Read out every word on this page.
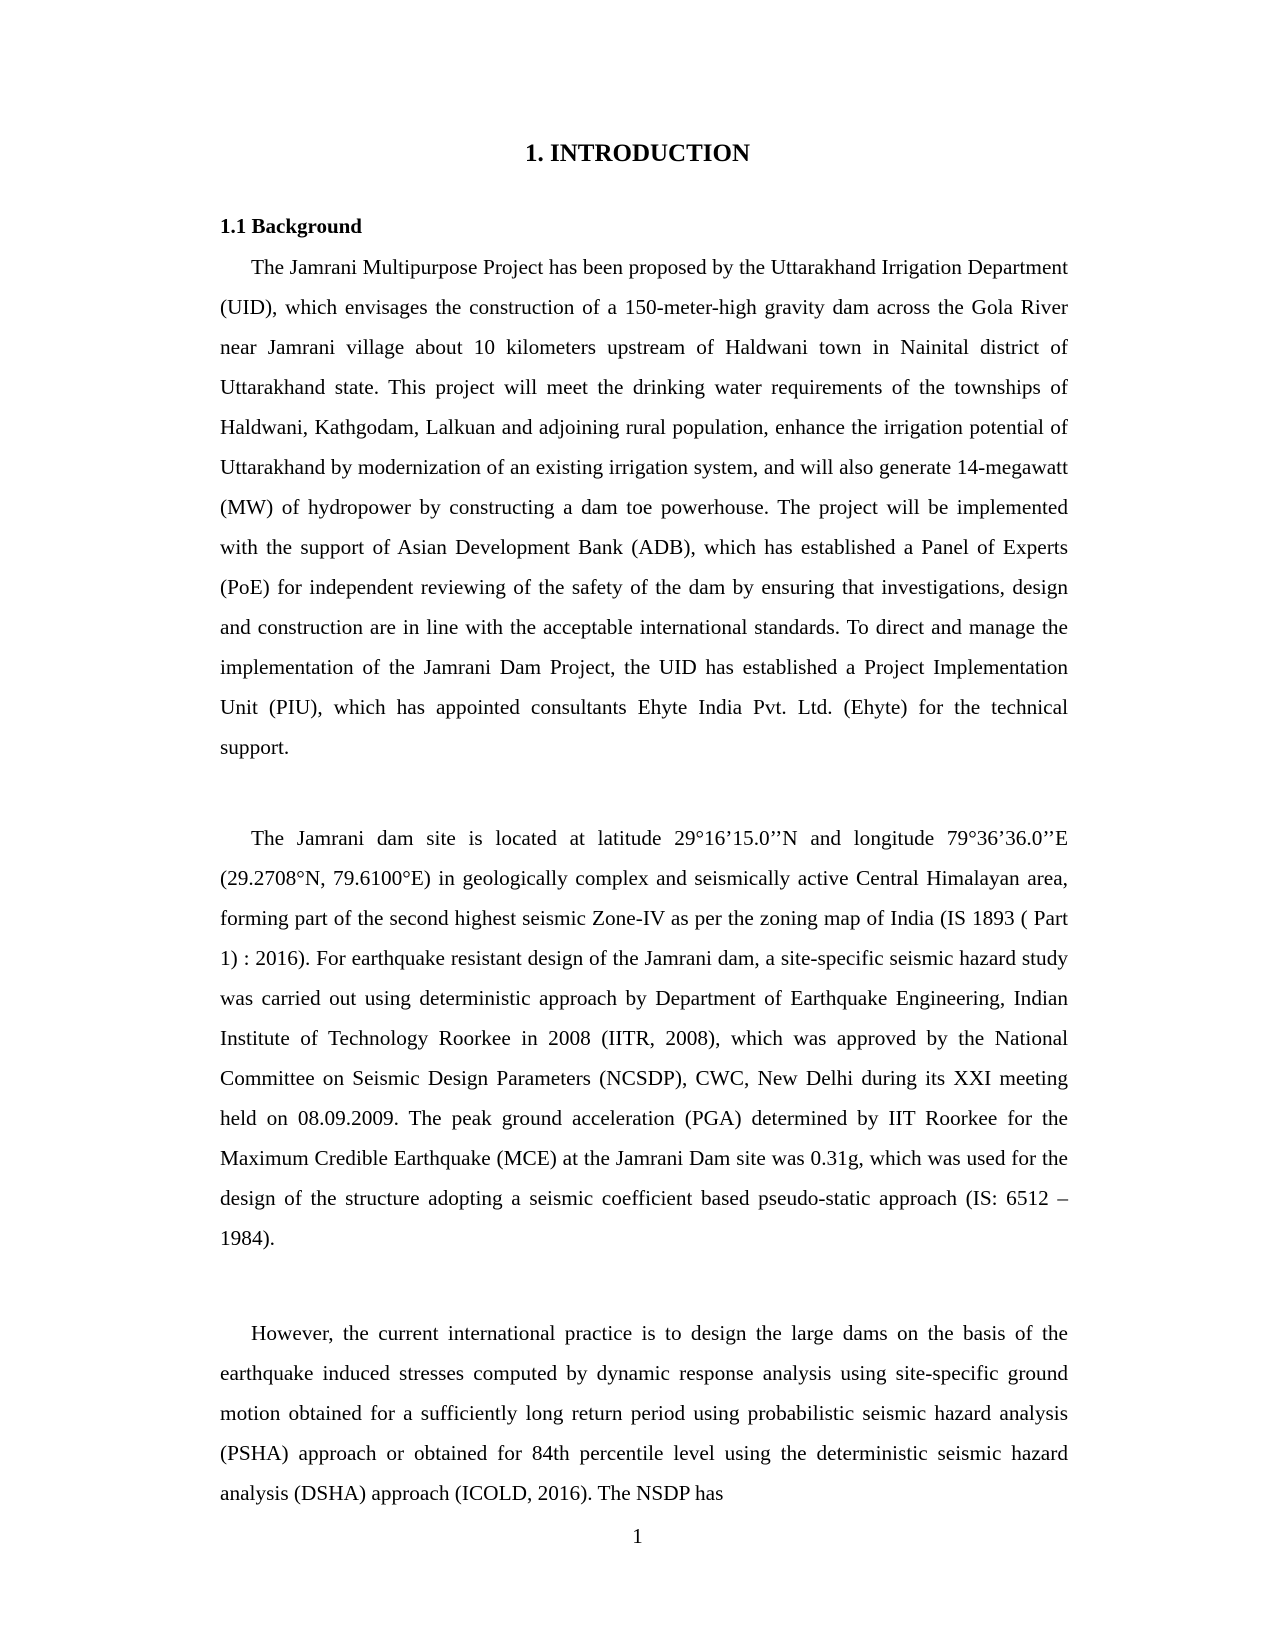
1. INTRODUCTION
1.1 Background

The Jamrani Multipurpose Project has been proposed by the Uttarakhand Irrigation Department (UID), which envisages the construction of a 150-meter-high gravity dam across the Gola River near Jamrani village about 10 kilometers upstream of Haldwani town in Nainital district of Uttarakhand state. This project will meet the drinking water requirements of the townships of Haldwani, Kathgodam, Lalkuan and adjoining rural population, enhance the irrigation potential of Uttarakhand by modernization of an existing irrigation system, and will also generate 14-megawatt (MW) of hydropower by constructing a dam toe powerhouse. The project will be implemented with the support of Asian Development Bank (ADB), which has established a Panel of Experts (PoE) for independent reviewing of the safety of the dam by ensuring that investigations, design and construction are in line with the acceptable international standards. To direct and manage the implementation of the Jamrani Dam Project, the UID has established a Project Implementation Unit (PIU), which has appointed consultants Ehyte India Pvt. Ltd. (Ehyte) for the technical support.

The Jamrani dam site is located at latitude 29°16’15.0’’N and longitude 79°36’36.0’’E (29.2708°N, 79.6100°E) in geologically complex and seismically active Central Himalayan area, forming part of the second highest seismic Zone-IV as per the zoning map of India (IS 1893 ( Part 1) : 2016). For earthquake resistant design of the Jamrani dam, a site-specific seismic hazard study was carried out using deterministic approach by Department of Earthquake Engineering, Indian Institute of Technology Roorkee in 2008 (IITR, 2008), which was approved by the National Committee on Seismic Design Parameters (NCSDP), CWC, New Delhi during its XXI meeting held on 08.09.2009. The peak ground acceleration (PGA) determined by IIT Roorkee for the Maximum Credible Earthquake (MCE) at the Jamrani Dam site was 0.31g, which was used for the design of the structure adopting a seismic coefficient based pseudo-static approach (IS: 6512 – 1984).

However, the current international practice is to design the large dams on the basis of the earthquake induced stresses computed by dynamic response analysis using site-specific ground motion obtained for a sufficiently long return period using probabilistic seismic hazard analysis (PSHA) approach or obtained for 84th percentile level using the deterministic seismic hazard analysis (DSHA) approach (ICOLD, 2016). The NSDP has

1
